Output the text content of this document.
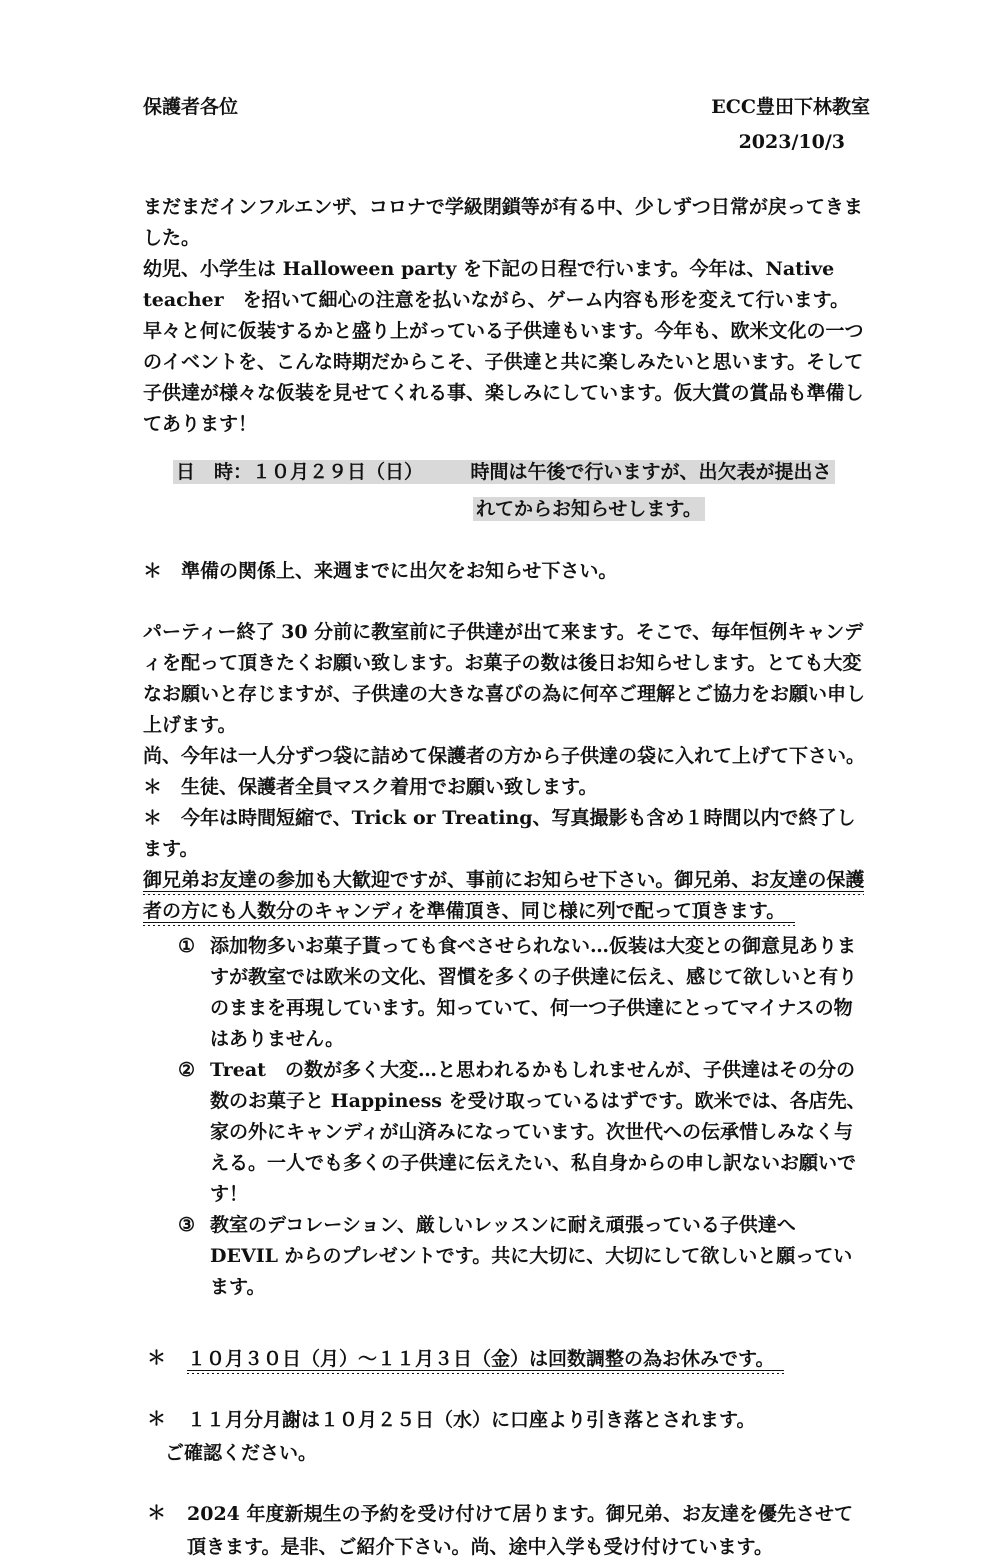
保護者各位	ECC豊田下林教室
2023/10/3

まだまだインフルエンザ、コロナで学級閉鎖等が有る中、少しずつ日常が戻ってきました。

幼児、小学生は Halloween party を下記の日程で行います。今年は、Native teacher　を招いて細心の注意を払いながら、ゲーム内容も形を変えて行います。

早々と何に仮装するかと盛り上がっている子供達もいます。今年も、欧米文化の一つのイベントを、こんな時期だからこそ、子供達と共に楽しみたいと思います。そして子供達が様々な仮装を見せてくれる事、楽しみにしています。仮大賞の賞品も準備してあります！

日　時：１０月２９日（日）　　　時間は午後で行いますが、出欠表が提出さ
れてからお知らせします。
＊　準備の関係上、来週までに出欠をお知らせ下さい。

パーティー終了 30 分前に教室前に子供達が出て来ます。そこで、毎年恒例キャンディを配って頂きたくお願い致します。お菓子の数は後日お知らせします。とても大変なお願いと存じますが、子供達の大きな喜びの為に何卒ご理解とご協力をお願い申し上げます。

尚、今年は一人分ずつ袋に詰めて保護者の方から子供達の袋に入れて上げて下さい。

＊　生徒、保護者全員マスク着用でお願い致します。

＊　今年は時間短縮で、Trick or Treating、写真撮影も含め１時間以内で終了します。

御兄弟お友達の参加も大歓迎ですが、事前にお知らせ下さい。御兄弟、お友達の保護者の方にも人数分のキャンディを準備頂き、同じ様に列で配って頂きます。　

① 添加物多いお菓子貰っても食べさせられない…仮装は大変との御意見ありますが教室では欧米の文化、習慣を多くの子供達に伝え、感じて欲しいと有りのままを再現しています。知っていて、何一つ子供達にとってマイナスの物はありません。
② Treat　の数が多く大変…と思われるかもしれませんが、子供達はその分の数のお菓子と Happiness を受け取っているはずです。欧米では、各店先、家の外にキャンディが山済みになっています。次世代への伝承惜しみなく与える。一人でも多くの子供達に伝えたい、私自身からの申し訳ないお願いです！
③ 教室のデコレーション、厳しいレッスンに耐え頑張っている子供達へ DEVIL からのプレゼントです。共に大切に、大切にして欲しいと願っています。
＊	１０月３０日（月）～１１月３日（金）は回数調整の為お休みです。　
＊	１１月分月謝は１０月２５日（水）に口座より引き落とされます。
ご確認ください。
＊	2024 年度新規生の予約を受け付けて居ります。御兄弟、お友達を優先させて頂きます。是非、ご紹介下さい。尚、途中入学も受け付けています。
